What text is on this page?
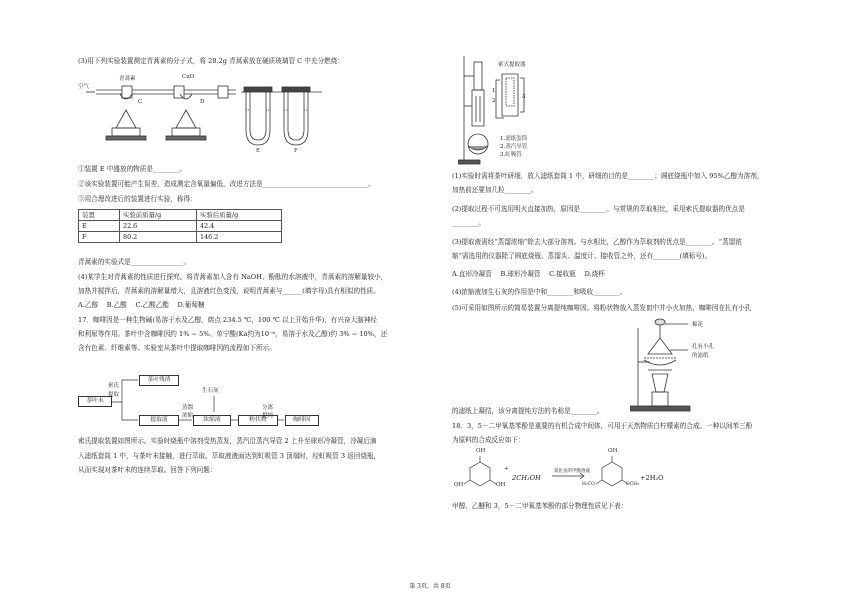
(3)用下列实验装置测定青蒿素的分子式，将 28.2g 青蒿素放在硬质玻璃管 C 中充分燃烧：
空气
青蒿素	CuO
C	D
E	F
①装置 E 中盛放的物质是________。
②该实验装置可能产生误差，造成测定含氧量偏低，改进方法是________________________________。
③用合理改进后的装置进行实验，称得：
装置	实验前质量/g	实验后质量/g
E	22.6	42.4
F	80.2	146.2
青蒿素的实验式是________________。
(4)某学生对青蒿素的性质进行探究。将青蒿素加入含有 NaOH、酚酞的水溶液中，青蒿素的溶解量较小，
加热并搅拌后，青蒿素的溶解量增大，且溶液红色变浅，说明青蒿素与______(填字母)具有相似的性质。
A.乙醇　 B.乙酸　 C.乙酸乙酯　 D.葡萄糖
17．咖啡因是一种生物碱(易溶于水及乙醇，熔点 234.5 ℃，100 ℃ 以上开始升华)，有兴奋大脑神经
和利尿等作用。茶叶中含咖啡因约 1% ~ 5%、单宁酸(Ka约为10⁻⁶，易溶于水及乙醇)约 3% ~ 10%，还
含有色素、纤维素等。实验室从茶叶中提取咖啡因的流程如下所示。
茶叶末
索氏
提取
茶叶残渣
提取液
蒸馏
浓缩
浓缩液
生石灰
粉状物
分离
提纯
咖啡因
索氏提取装置如图所示。实验时烧瓶中溶剂受热蒸发，蒸汽沿蒸汽导管 2 上升至球形冷凝管，冷凝后滴
入滤纸套筒 1 中，与茶叶末接触，进行萃取。萃取液液面达到虹吸管 3 顶端时，经虹吸管 3 返回烧瓶，
从而实现对茶叶末的连续萃取。回答下列问题：
索式提取器
1
2
3
1.滤纸套筒
2.蒸汽导管
3.虹吸管
(1)实验时需将茶叶研细，放入滤纸套筒 1 中，研细的目的是________；圆底烧瓶中加入 95%乙醇为溶剂，
加热前还要加几粒________。
(2)提取过程不可选用明火直接加热，原因是________。与常规的萃取相比，采用索氏提取器的优点是
________。
(3)提取液需经“蒸馏浓缩”除去大部分溶剂。与水相比，乙醇作为萃取剂的优点是________。“蒸馏浓
缩”需选用的仪器除了圆底烧瓶、蒸馏头、温度计、接收管之外，还有________(填标号)。
A.直形冷凝管　 B.球形冷凝管　 C.接收瓶　 D.烧杯
(4)浓缩液加生石灰的作用是中和________和吸收________。
(5)可采用如图所示的简易装置分离提纯咖啡因。将粉状物放入蒸发皿中并小火加热，咖啡因在扎有小孔
棉花
扎有小孔
的滤纸
的滤纸上凝结，该分离提纯方法的名称是________。
18．3，5－二甲氧基苯酚是重要的有机合成中间体，可用于天然物质白柠檬素的合成。一种以间苯三酚
为原料的合成反应如下：
OH
OH	OH
+
2CH₃OH
氯化氢的甲醇溶液
OH
H₃CO	OCH₃
+2H₂O
甲醇、乙醚和 3，5－二甲氧基苯酚的部分物理性质见下表：
第 3页，共 8页
